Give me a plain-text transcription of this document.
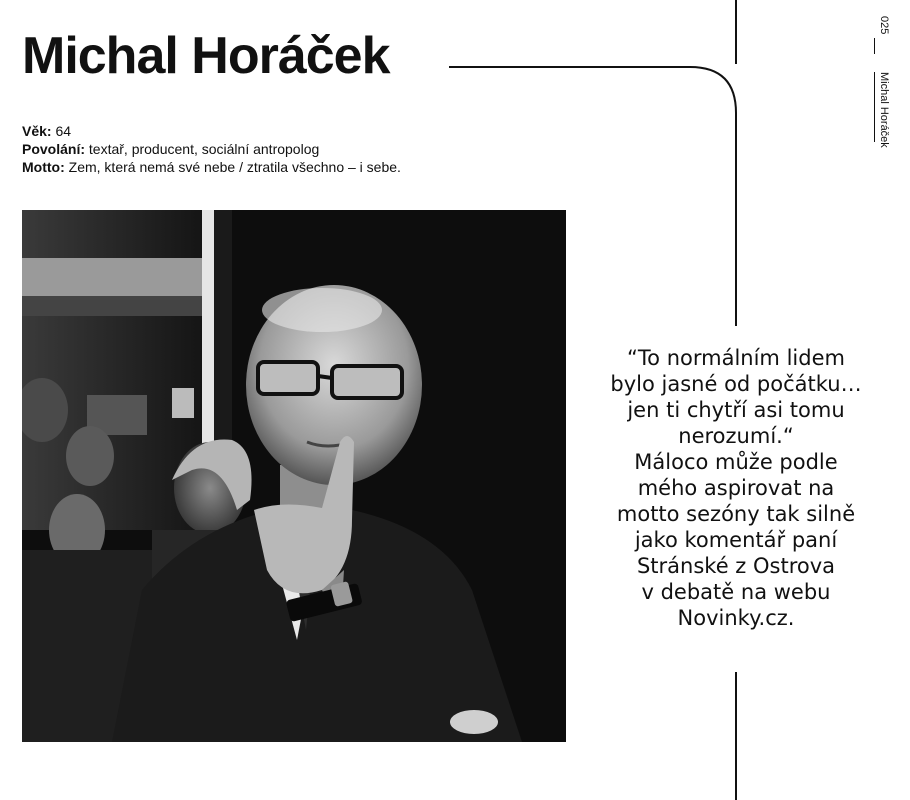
Michal Horáček
Věk: 64
Povolání: textař, producent, sociální antropolog
Motto: Zem, která nemá své nebe / ztratila všechno – i sebe.

“To normálním lidem

bylo jasné od počátku…

jen ti chytří asi tomu

nerozumí.“

Máloco může podle

mého aspirovat na

motto sezóny tak silně

jako komentář paní

Stránské z Ostrova

v debatě na webu

Novinky.cz.

025
Michal Horáček
